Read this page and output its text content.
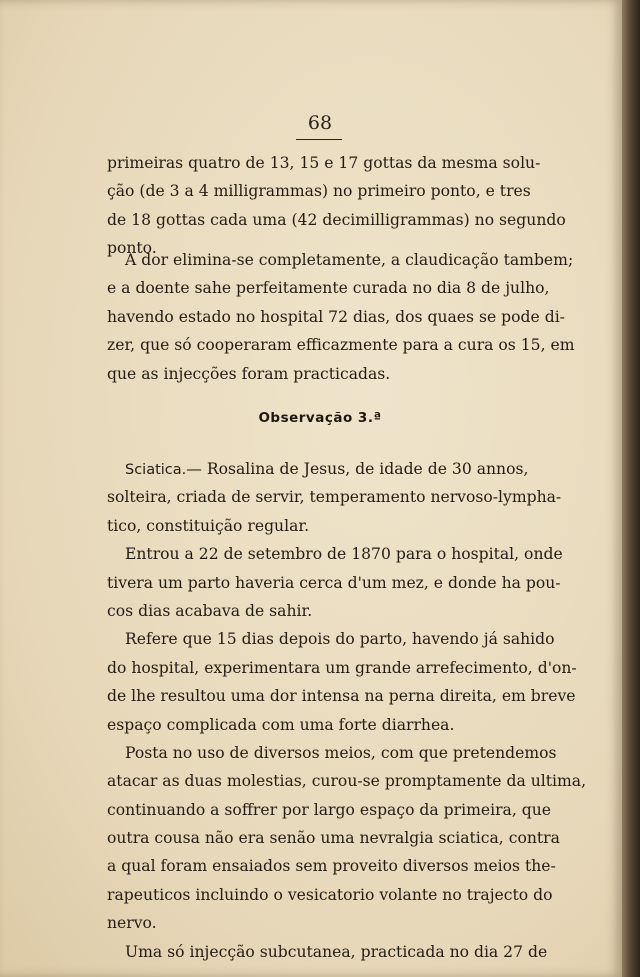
68
primeiras quatro de 13, 15 e 17 gottas da mesma solu-
ção (de 3 a 4 milligrammas) no primeiro ponto, e tres
de 18 gottas cada uma (42 decimilligrammas) no segundo
ponto.
A dor elimina-se completamente, a claudicação tambem;
e a doente sahe perfeitamente curada no dia 8 de julho,
havendo estado no hospital 72 dias, dos quaes se pode di-
zer, que só cooperaram efficazmente para a cura os 15, em
que as injecções foram practicadas.
Observação 3.ª
Sciatica.— Rosalina de Jesus, de idade de 30 annos,
solteira, criada de servir, temperamento nervoso-lympha-
tico, constituição regular.
Entrou a 22 de setembro de 1870 para o hospital, onde
tivera um parto haveria cerca d'um mez, e donde ha pou-
cos dias acabava de sahir.
Refere que 15 dias depois do parto, havendo já sahido
do hospital, experimentara um grande arrefecimento, d'on-
de lhe resultou uma dor intensa na perna direita, em breve
espaço complicada com uma forte diarrhea.
Posta no uso de diversos meios, com que pretendemos
atacar as duas molestias, curou-se promptamente da ultima,
continuando a soffrer por largo espaço da primeira, que
outra cousa não era senão uma nevralgia sciatica, contra
a qual foram ensaiados sem proveito diversos meios the-
rapeuticos incluindo o vesicatorio volante no trajecto do
nervo.
Uma só injecção subcutanea, practicada no dia 27 de
